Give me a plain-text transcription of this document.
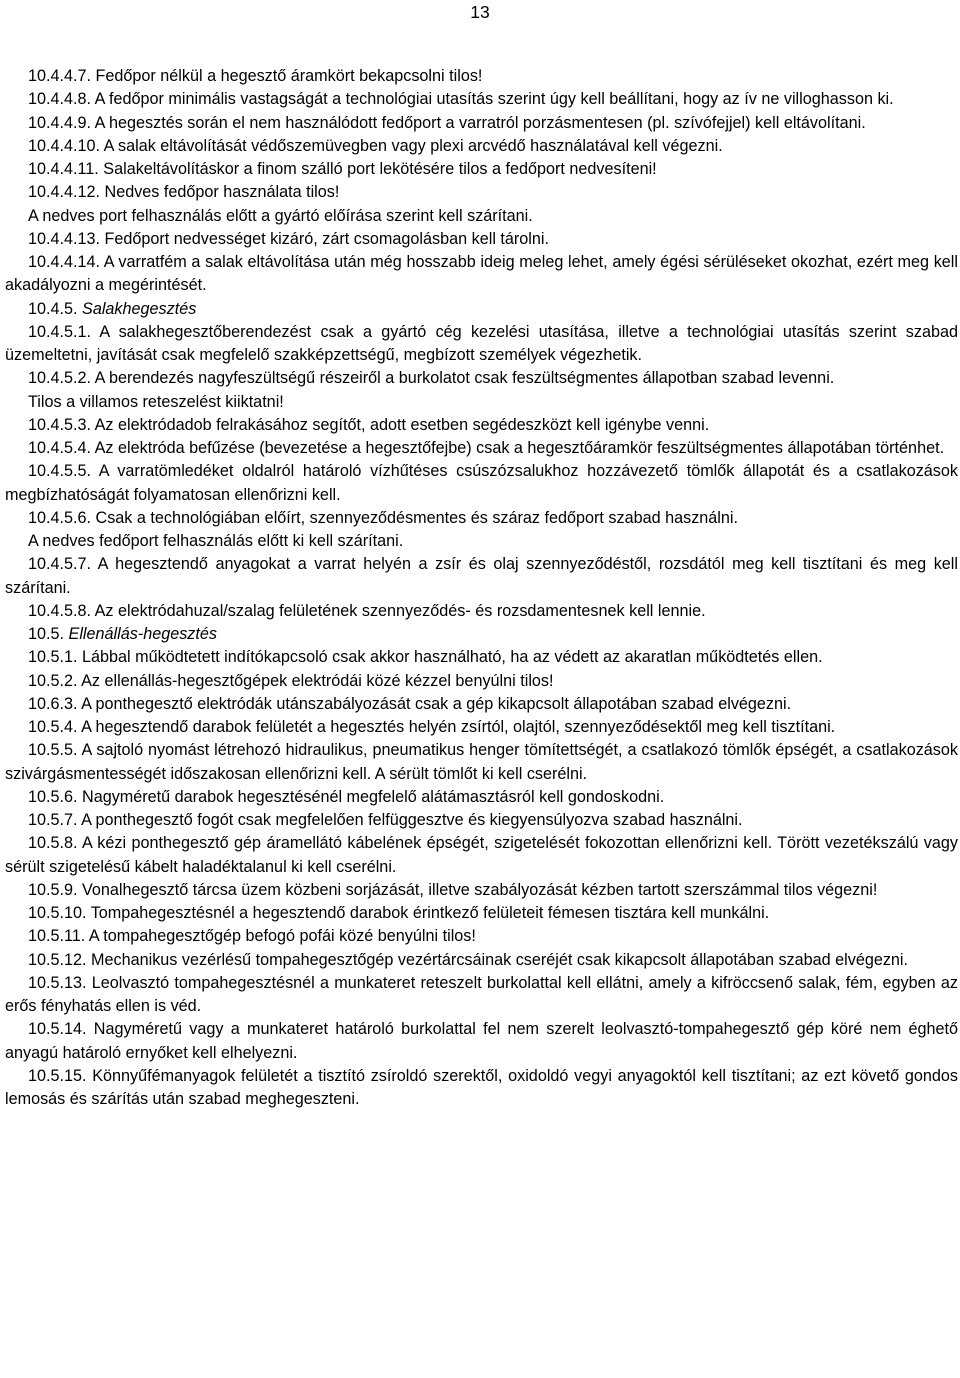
13

10.4.4.7. Fedőpor nélkül a hegesztő áramkört bekapcsolni tilos!

10.4.4.8. A fedőpor minimális vastagságát a technológiai utasítás szerint úgy kell beállítani, hogy az ív ne villoghasson ki.

10.4.4.9. A hegesztés során el nem használódott fedőport a varratról porzásmentesen (pl. szívófejjel) kell eltávolítani.

10.4.4.10. A salak eltávolítását védőszemüvegben vagy plexi arcvédő használatával kell végezni.

10.4.4.11. Salakeltávolításkor a finom szálló port lekötésére tilos a fedőport nedvesíteni!

10.4.4.12. Nedves fedőpor használata tilos!

A nedves port felhasználás előtt a gyártó előírása szerint kell szárítani.

10.4.4.13. Fedőport nedvességet kizáró, zárt csomagolásban kell tárolni.

10.4.4.14. A varratfém a salak eltávolítása után még hosszabb ideig meleg lehet, amely égési sérüléseket okozhat, ezért meg kell akadályozni a megérintését.

10.4.5. Salakhegesztés

10.4.5.1. A salakhegesztőberendezést csak a gyártó cég kezelési utasítása, illetve a technológiai utasítás szerint szabad üzemeltetni, javítását csak megfelelő szakképzettségű, megbízott személyek végezhetik.

10.4.5.2. A berendezés nagyfeszültségű részeiről a burkolatot csak feszültségmentes állapotban szabad levenni.

Tilos a villamos reteszelést kiiktatni!

10.4.5.3. Az elektródadob felrakásához segítőt, adott esetben segédeszközt kell igénybe venni.

10.4.5.4. Az elektróda befűzése (bevezetése a hegesztőfejbe) csak a hegesztőáramkör feszültségmentes állapotában történhet.

10.4.5.5. A varratömledéket oldalról határoló vízhűtéses csúszózsalukhoz hozzávezető tömlők állapotát és a csatlakozások megbízhatóságát folyamatosan ellenőrizni kell.

10.4.5.6. Csak a technológiában előírt, szennyeződésmentes és száraz fedőport szabad használni.

A nedves fedőport felhasználás előtt ki kell szárítani.

10.4.5.7. A hegesztendő anyagokat a varrat helyén a zsír és olaj szennyeződéstől, rozsdától meg kell tisztítani és meg kell szárítani.

10.4.5.8. Az elektródahuzal/szalag felületének szennyeződés- és rozsdamentesnek kell lennie.

10.5. Ellenállás-hegesztés

10.5.1. Lábbal működtetett indítókapcsoló csak akkor használható, ha az védett az akaratlan működtetés ellen.

10.5.2. Az ellenállás-hegesztőgépek elektródái közé kézzel benyúlni tilos!

10.6.3. A ponthegesztő elektródák utánszabályozását csak a gép kikapcsolt állapotában szabad elvégezni.

10.5.4. A hegesztendő darabok felületét a hegesztés helyén zsírtól, olajtól, szennyeződésektől meg kell tisztítani.

10.5.5. A sajtoló nyomást létrehozó hidraulikus, pneumatikus henger tömítettségét, a csatlakozó tömlők épségét, a csatlakozások szivárgásmentességét időszakosan ellenőrizni kell. A sérült tömlőt ki kell cserélni.

10.5.6. Nagyméretű darabok hegesztésénél megfelelő alátámasztásról kell gondoskodni.

10.5.7. A ponthegesztő fogót csak megfelelően felfüggesztve és kiegyensúlyozva szabad használni.

10.5.8. A kézi ponthegesztő gép áramellátó kábelének épségét, szigetelését fokozottan ellenőrizni kell. Törött vezetékszálú vagy sérült szigetelésű kábelt haladéktalanul ki kell cserélni.

10.5.9. Vonalhegesztő tárcsa üzem közbeni sorjázását, illetve szabályozását kézben tartott szerszámmal tilos végezni!

10.5.10. Tompahegesztésnél a hegesztendő darabok érintkező felületeit fémesen tisztára kell munkálni.

10.5.11. A tompahegesztőgép befogó pofái közé benyúlni tilos!

10.5.12. Mechanikus vezérlésű tompahegesztőgép vezértárcsáinak cseréjét csak kikapcsolt állapotában szabad elvégezni.

10.5.13. Leolvasztó tompahegesztésnél a munkateret reteszelt burkolattal kell ellátni, amely a kifröccsenő salak, fém, egyben az erős fényhatás ellen is véd.

10.5.14. Nagyméretű vagy a munkateret határoló burkolattal fel nem szerelt leolvasztó-tompahegesztő gép köré nem éghető anyagú határoló ernyőket kell elhelyezni.

10.5.15. Könnyűfémanyagok felületét a tisztító zsíroldó szerektől, oxidoldó vegyi anyagoktól kell tisztítani; az ezt követő gondos lemosás és szárítás után szabad meghegeszteni.
